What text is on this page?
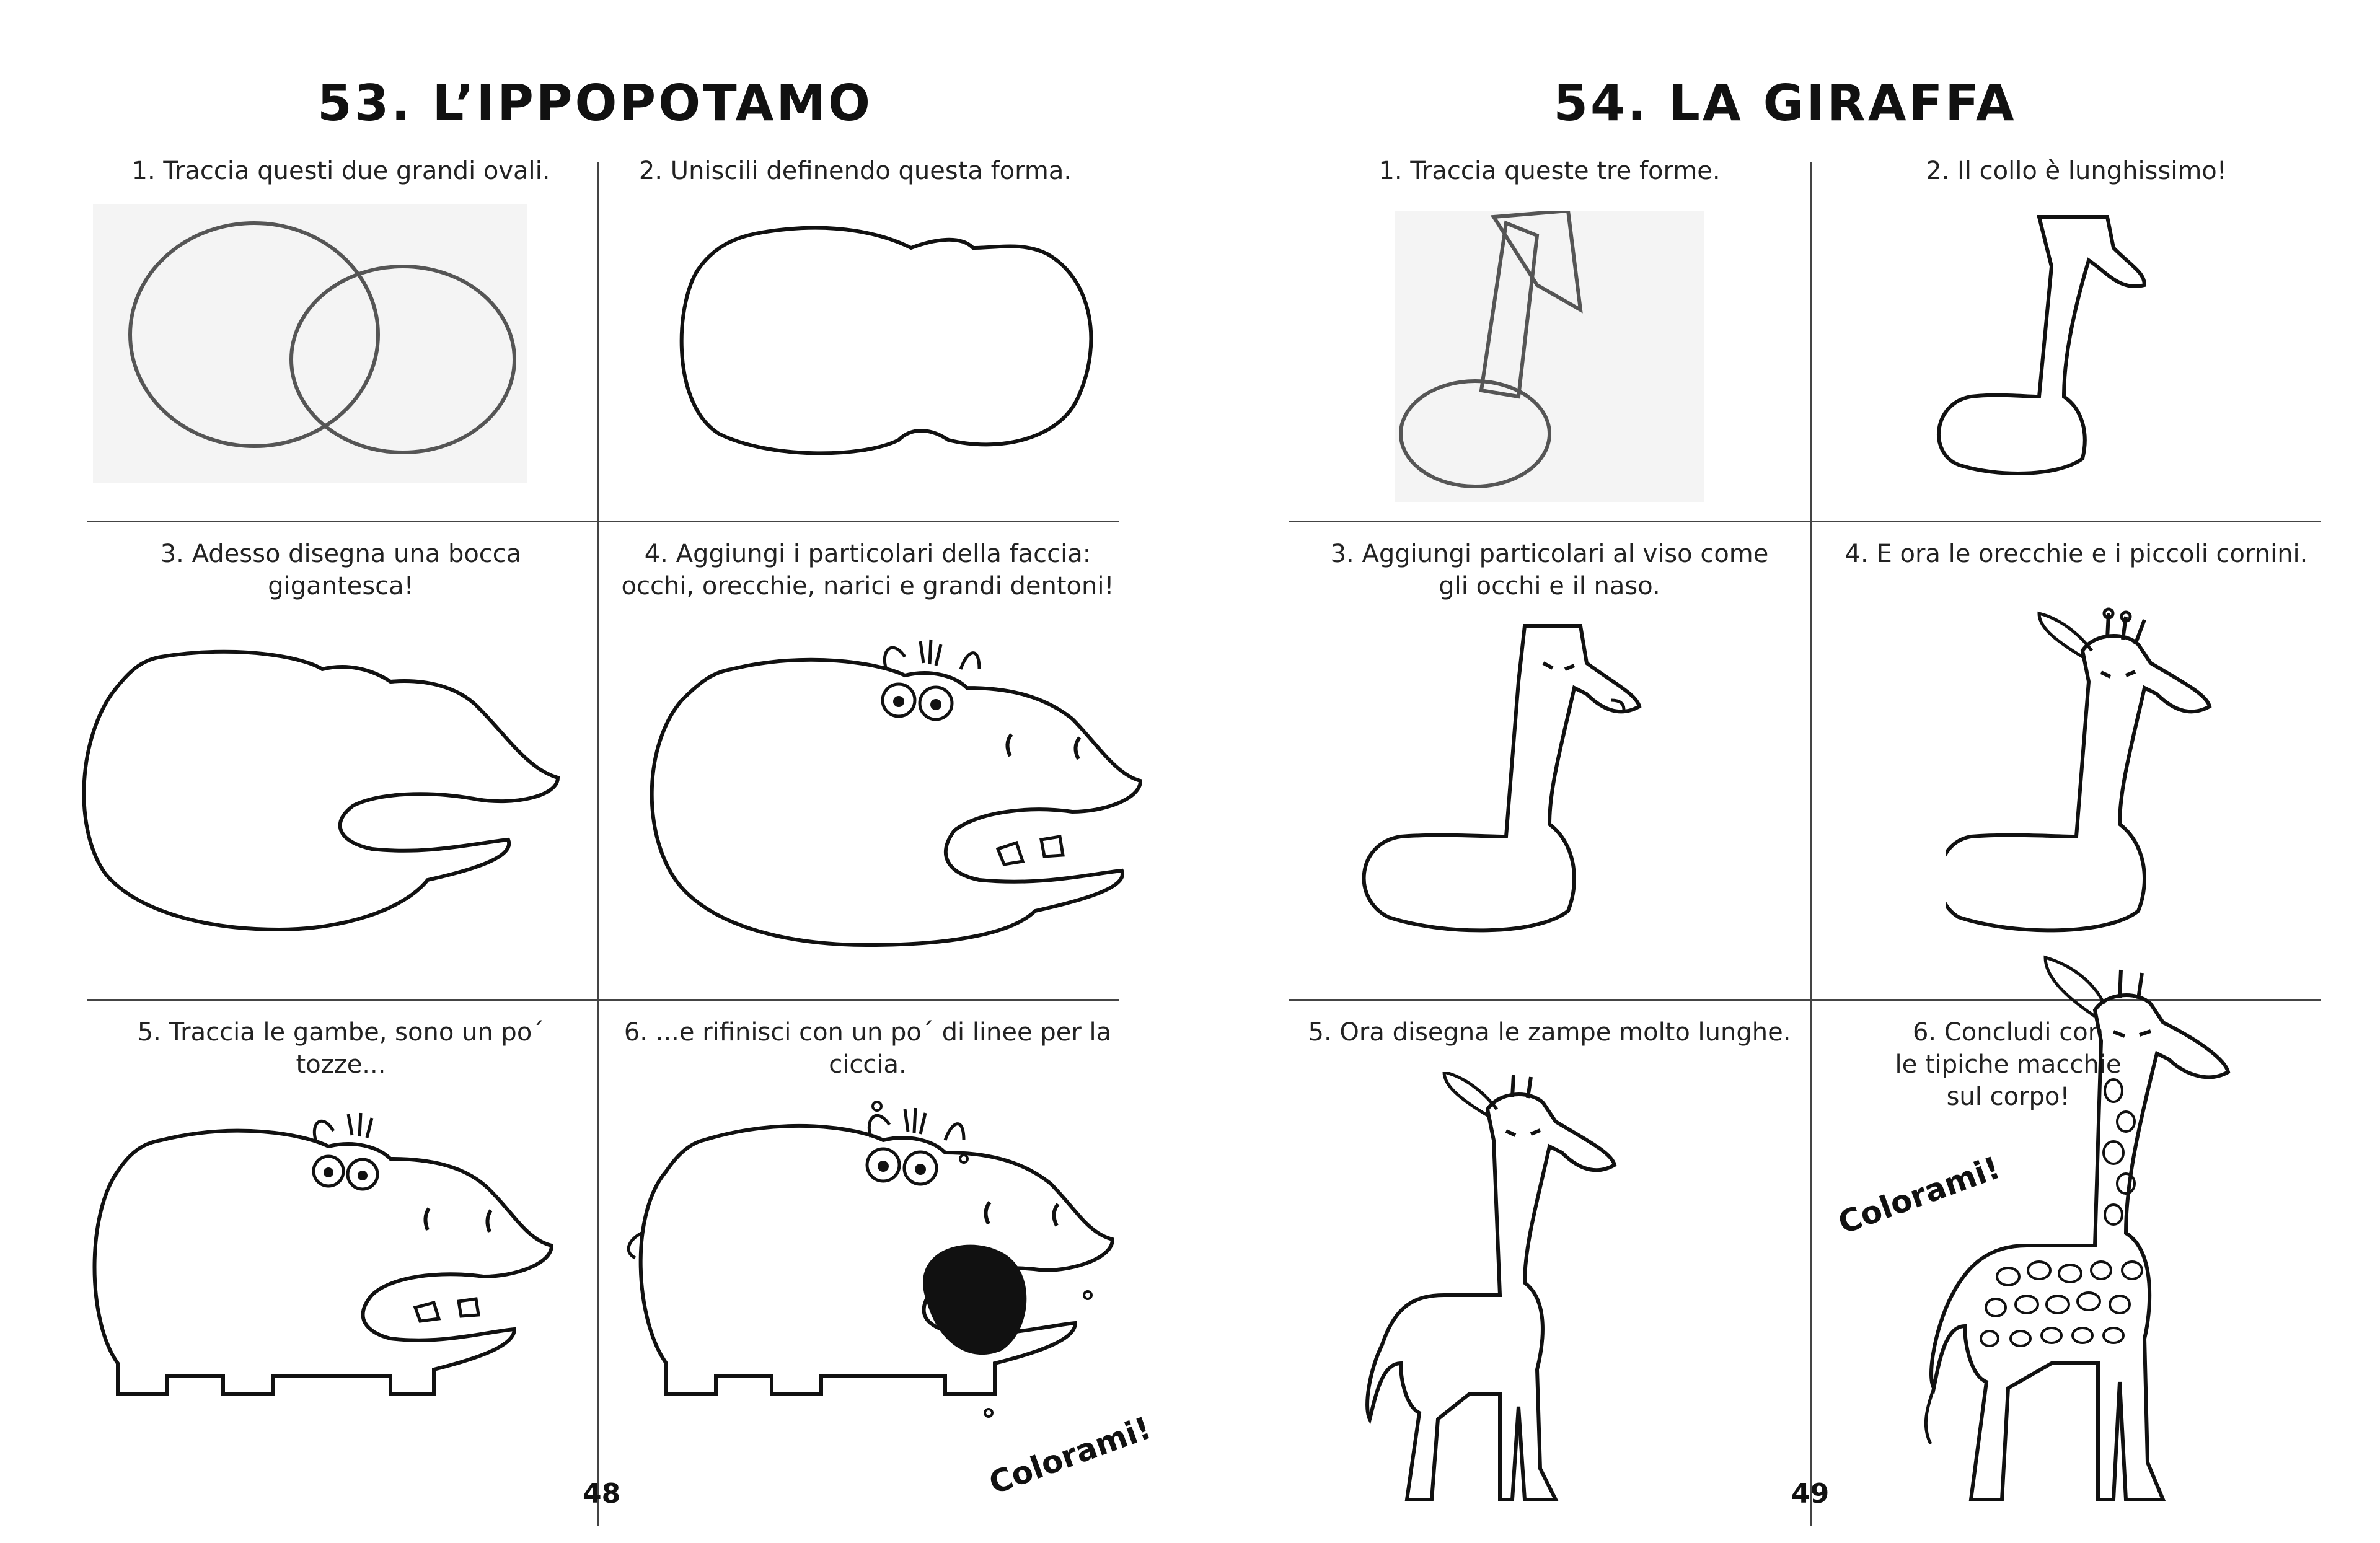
53. L’IPPOPOTAMO
1. Traccia questi due grandi ovali.	2. Uniscili definendo questa forma.
3. Adesso disegna una bocca
gigantesca!
4. Aggiungi i particolari della faccia:
occhi, orecchie, narici e grandi dentoni!
5. Traccia le gambe, sono un po´ tozze...
6. ...e rifinisci con un po´ di linee per la ciccia.
Colorami!
48
54. LA GIRAFFA
1. Traccia queste tre forme.	2. Il collo è lunghissimo!
3. Aggiungi particolari al viso come
gli occhi e il naso.
4. E ora le orecchie e i piccoli cornini.
5. Ora disegna le zampe molto lunghe.	6. Concludi con
le tipiche macchie
sul corpo!
Colorami!
49
